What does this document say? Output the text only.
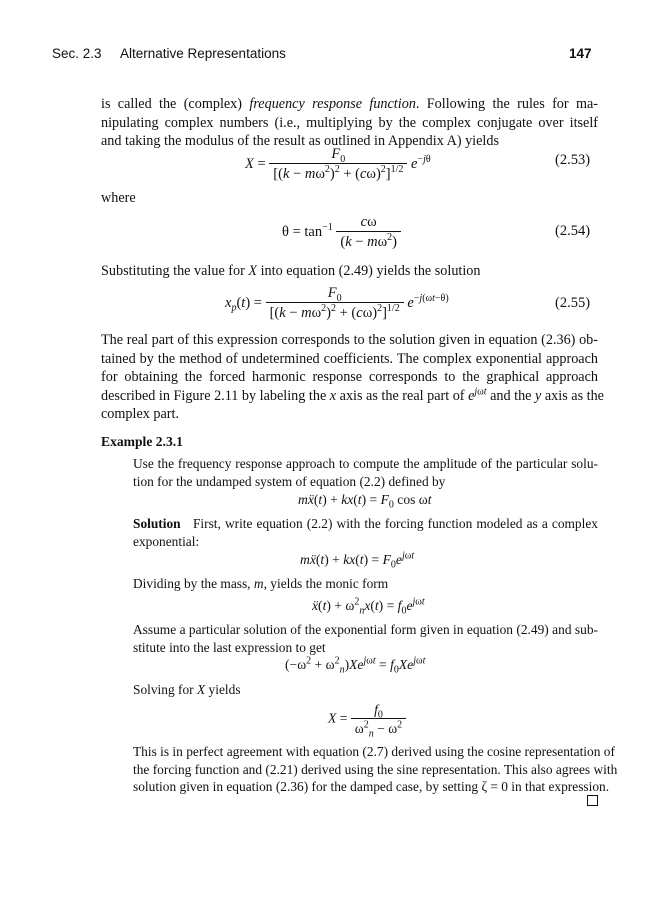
Sec. 2.3 Alternative Representations	147
is called the (complex) frequency response function. Following the rules for ma-
nipulating complex numbers (i.e., multiplying by the complex conjugate over itself
and taking the modulus of the result as outlined in Appendix A) yields
$X = \frac{F_0}{[(k - m\omega^2)^2 + (c\omega)^2]^{1/2}} e^{-j\theta}$	(2.53)
where
$\theta = \tan^{-1} \frac{c\omega}{(k - m\omega^2)}$	(2.54)
Substituting the value for X into equation (2.49) yields the solution
$x_p(t) = \frac{F_0}{[(k - m\omega^2)^2 + (c\omega)^2]^{1/2}} e^{-j(\omega t-\theta)}$	(2.55)
The real part of this expression corresponds to the solution given in equation (2.36) ob-
tained by the method of undetermined coefficients. The complex exponential approach
for obtaining the forced harmonic response corresponds to the graphical approach
described in Figure 2.11 by labeling the x axis as the real part of $e^{j\omega t}$ and the y axis as the
complex part.
Example 2.3.1
Use the frequency response approach to compute the amplitude of the particular solu-
tion for the undamped system of equation (2.2) defined by
mẍ(t) + $kx(t) = F_0$ cos ωt
Solution First, write equation (2.2) with the forcing function modeled as a complex
exponential:
mẍ(t) + $kx(t) = F_0e^{j\omega t}$
Dividing by the mass, m, yields the monic form
ẍ(t) + $\omega^2_nx(t) = f_0e^{j\omega t}$
Assume a particular solution of the exponential form given in equation (2.49) and sub-
stitute into the last expression to get
$(-\omega^2 + \omega^2_n)Xe^{j\omega t} = f_0Xe^{j\omega t}$
Solving for X yields
$X = \frac{f_0}{\omega^2_n - \omega^2}$
This is in perfect agreement with equation (2.7) derived using the cosine representation of
the forcing function and (2.21) derived using the sine representation. This also agrees with
solution given in equation (2.36) for the damped case, by setting ζ = 0 in that expression.
